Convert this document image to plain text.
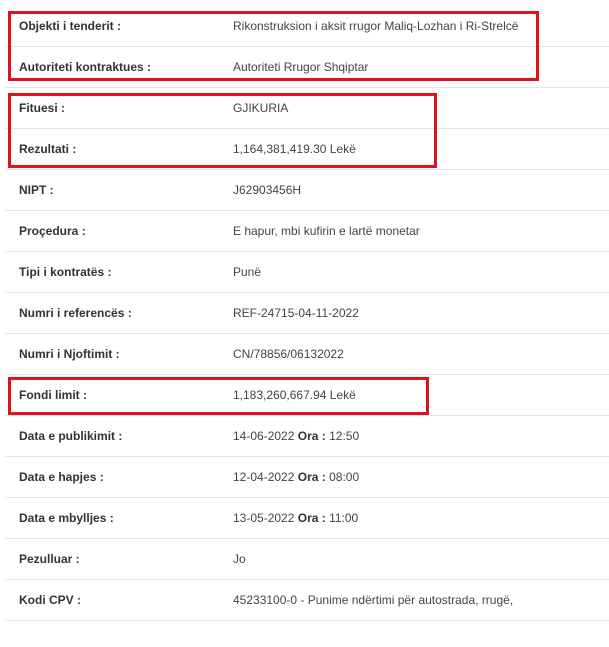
Objekti i tenderit :	Rikonstruksion i aksit rrugor Maliq-Lozhan i Ri-Strelcë
Autoriteti kontraktues :	Autoriteti Rrugor Shqiptar
Fituesi :	GJIKURIA
Rezultati :	1,164,381,419.30 Lekë
NIPT :	J62903456H
Proçedura :	E hapur, mbi kufirin e lartë monetar
Tipi i kontratës :	Punë
Numri i referencës :	REF-24715-04-11-2022
Numri i Njoftimit :	CN/78856/06132022
Fondi limit :	1,183,260,667.94 Lekë
Data e publikimit :	14-06-2022 Ora : 12:50
Data e hapjes :	12-04-2022 Ora : 08:00
Data e mbylljes :	13-05-2022 Ora : 11:00
Pezulluar :	Jo
Kodi CPV :	45233100-0 - Punime ndërtimi për autostrada, rrugë,
